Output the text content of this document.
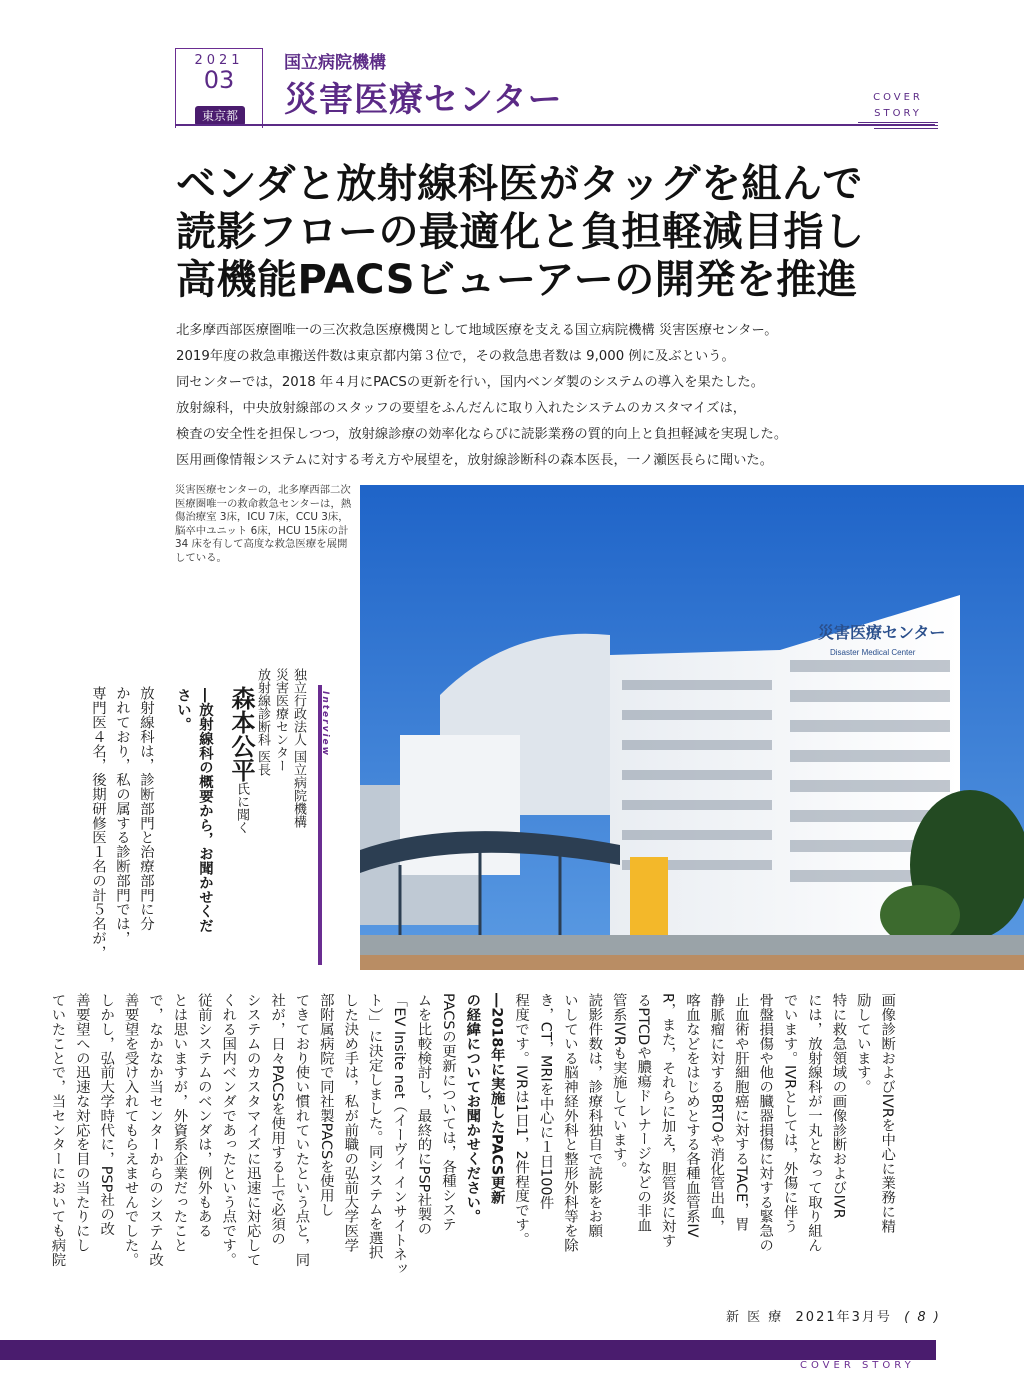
2021
03
東京都
国立病院機構
災害医療センター	COVER
STORY
ベンダと放射線科医がタッグを組んで
読影フローの最適化と負担軽減目指し
高機能PACSビューアーの開発を推進
北多摩西部医療圏唯一の三次救急医療機関として地域医療を支える国立病院機構 災害医療センター。
2019年度の救急車搬送件数は東京都内第３位で，その救急患者数は 9,000 例に及ぶという。
同センターでは，2018 年４月にPACSの更新を行い，国内ベンダ製のシステムの導入を果たした。
放射線科，中央放射線部のスタッフの要望をふんだんに取り入れたシステムのカスタマイズは，
検査の安全性を担保しつつ，放射線診療の効率化ならびに読影業務の質的向上と負担軽減を実現した。
医用画像情報システムに対する考え方や展望を，放射線診断科の森本医長，一ノ瀬医長らに聞いた。
災害医療センターの，北多摩西部二次医療圏唯一の救命救急センターは，熱傷治療室 3床，ICU 7床，CCU 3床，脳卒中ユニット 6床，HCU 15床の計 34 床を有して高度な救急医療を展開している。
災害医療センター
Disaster Medical Center
Interview
独立行政法人 国立病院機構
災害医療センター
放射線診断科 医長
森本公平氏に聞く
―放射線科の概要から，お聞かせくだ
さい。
放射線科は，診断部門と治療部門に分
かれており，私の属する診断部門では，
専門医４名，後期研修医１名の計５名が，
画像診断およびIVRを中心に業務に精
励しています。
特に救急領域の画像診断およびIVR
には，放射線科が一丸となって取り組ん
でいます。IVRとしては，外傷に伴う
骨盤損傷や他の臓器損傷に対する緊急の
止血術や肝細胞癌に対するTACE，胃
静脈瘤に対するBRTOや消化管出血，
喀血などをはじめとする各種血管系IV
R，また，それらに加え，胆管炎に対す
るPTCDや膿瘍ドレナージなどの非血
管系IVRも実施しています。
読影件数は，診療科独自で読影をお願
いしている脳神経外科と整形外科等を除
き，CT，MRIを中心に１日100件
程度です。IVRは1日1，2件程度です。
―2018年に実施したPACS更新
の経緯についてお聞かせください。
PACSの更新については，各種システ
ムを比較検討し，最終的にPSP社製の
「EV Insite net（イーヴイ インサイトネッ
ト）」に決定しました。同システムを選択
した決め手は，私が前職の弘前大学医学
部附属病院で同社製PACSを使用し
てきており使い慣れていたという点と，同
社が，日々PACSを使用する上で必須の
システムのカスタマイズに迅速に対応して
くれる国内ベンダであったという点です。
従前システムのベンダは，例外もある
とは思いますが，外資系企業だったこと
で，なかなか当センターからのシステム改
善要望を受け入れてもらえませんでした。
しかし，弘前大学時代に，PSP社の改
善要望への迅速な対応を目の当たりにし
ていたことで，当センターにおいても病院
新 医 療 2021年3月号 ( 8 )
COVER STORY
